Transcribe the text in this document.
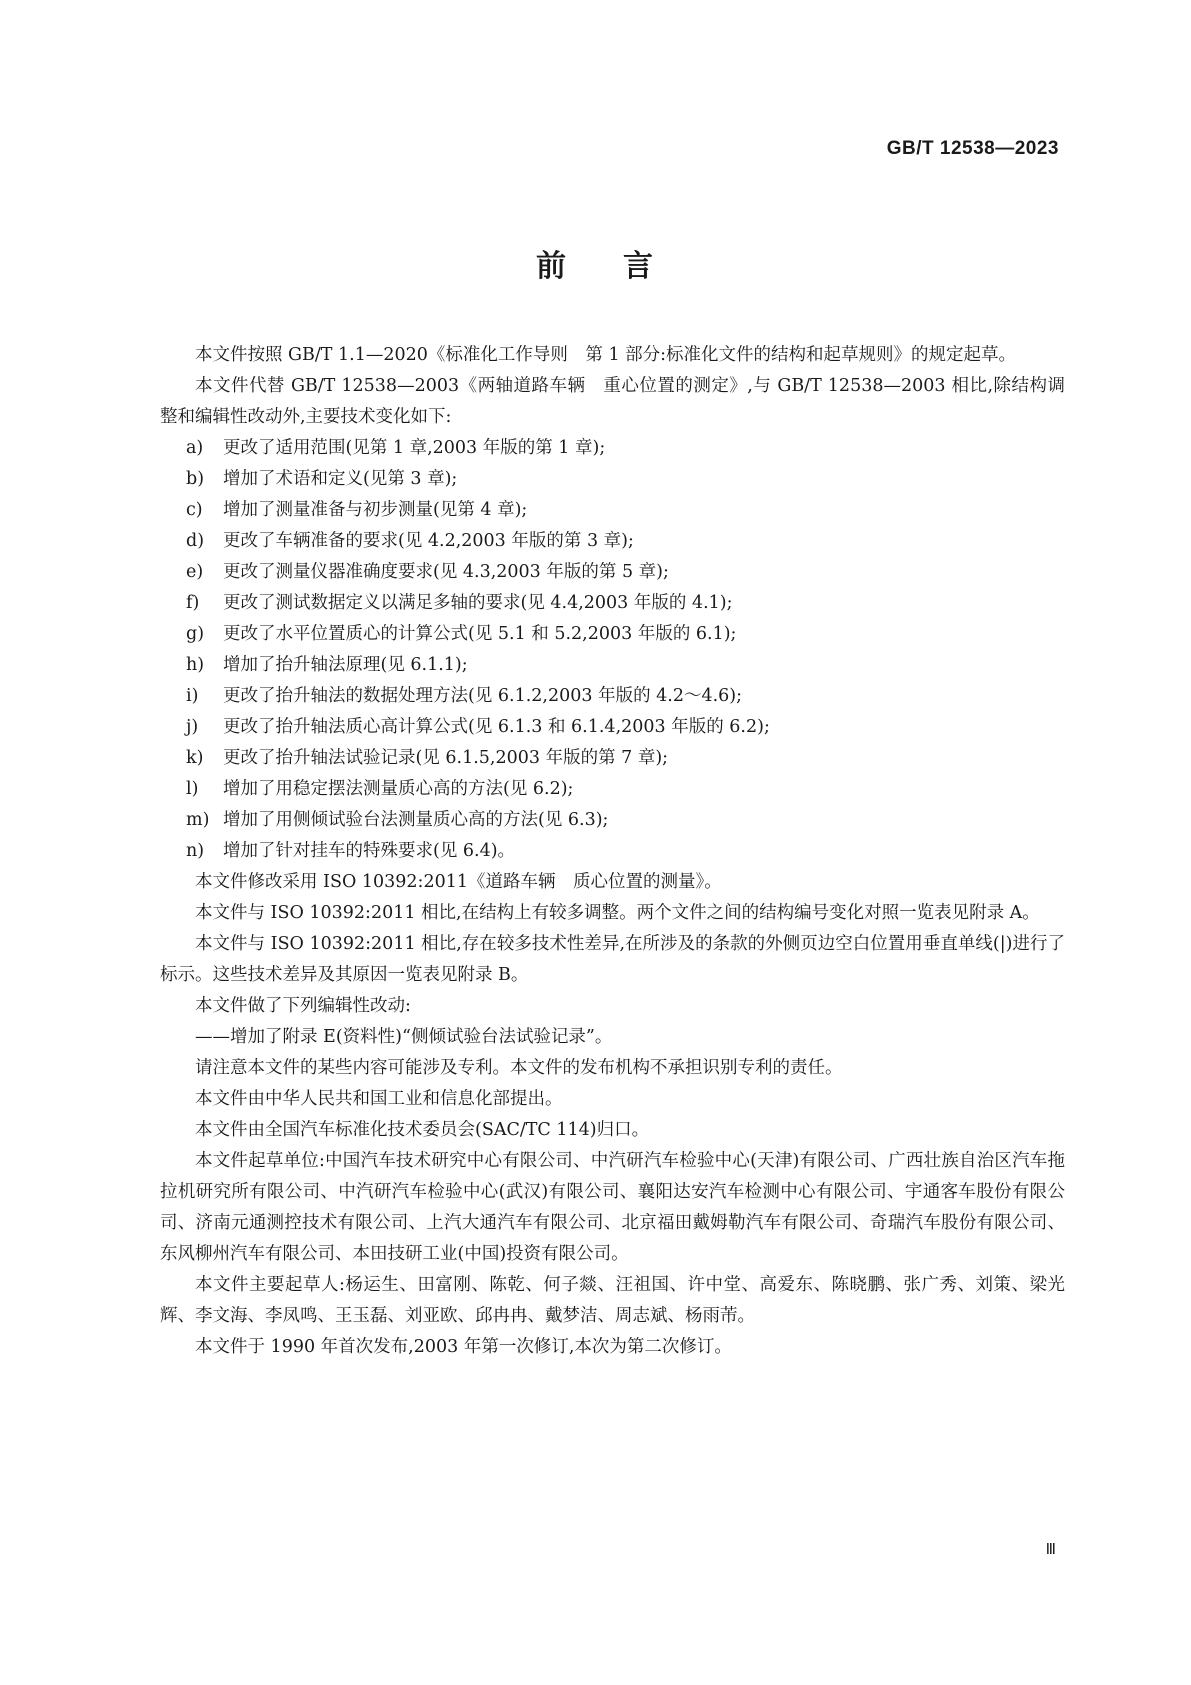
GB/T 12538—2023
前 言

本文件按照 GB/T 1.1—2020《标准化工作导则　第 1 部分:标准化文件的结构和起草规则》的规定起草。

本文件代替 GB/T 12538—2003《两轴道路车辆　重心位置的测定》,与 GB/T 12538—2003 相比,除结构调整和编辑性改动外,主要技术变化如下:

a) 更改了适用范围(见第 1 章,2003 年版的第 1 章);

b) 增加了术语和定义(见第 3 章);

c) 增加了测量准备与初步测量(见第 4 章);

d) 更改了车辆准备的要求(见 4.2,2003 年版的第 3 章);

e) 更改了测量仪器准确度要求(见 4.3,2003 年版的第 5 章);

f) 更改了测试数据定义以满足多轴的要求(见 4.4,2003 年版的 4.1);

g) 更改了水平位置质心的计算公式(见 5.1 和 5.2,2003 年版的 6.1);

h) 增加了抬升轴法原理(见 6.1.1);

i) 更改了抬升轴法的数据处理方法(见 6.1.2,2003 年版的 4.2～4.6);

j) 更改了抬升轴法质心高计算公式(见 6.1.3 和 6.1.4,2003 年版的 6.2);

k) 更改了抬升轴法试验记录(见 6.1.5,2003 年版的第 7 章);

l) 增加了用稳定摆法测量质心高的方法(见 6.2);

m) 增加了用侧倾试验台法测量质心高的方法(见 6.3);

n) 增加了针对挂车的特殊要求(见 6.4)。

本文件修改采用 ISO 10392:2011《道路车辆　质心位置的测量》。

本文件与 ISO 10392:2011 相比,在结构上有较多调整。两个文件之间的结构编号变化对照一览表见附录 A。

本文件与 ISO 10392:2011 相比,存在较多技术性差异,在所涉及的条款的外侧页边空白位置用垂直单线(|)进行了标示。这些技术差异及其原因一览表见附录 B。

本文件做了下列编辑性改动:

——增加了附录 E(资料性)“侧倾试验台法试验记录”。

请注意本文件的某些内容可能涉及专利。本文件的发布机构不承担识别专利的责任。

本文件由中华人民共和国工业和信息化部提出。

本文件由全国汽车标准化技术委员会(SAC/TC 114)归口。

本文件起草单位:中国汽车技术研究中心有限公司、中汽研汽车检验中心(天津)有限公司、广西壮族自治区汽车拖拉机研究所有限公司、中汽研汽车检验中心(武汉)有限公司、襄阳达安汽车检测中心有限公司、宇通客车股份有限公司、济南元通测控技术有限公司、上汽大通汽车有限公司、北京福田戴姆勒汽车有限公司、奇瑞汽车股份有限公司、东风柳州汽车有限公司、本田技研工业(中国)投资有限公司。

本文件主要起草人:杨运生、田富刚、陈乾、何子燚、汪祖国、许中堂、高爱东、陈晓鹏、张广秀、刘策、梁光辉、李文海、李凤鸣、王玉磊、刘亚欧、邱冉冉、戴梦洁、周志斌、杨雨芾。

本文件于 1990 年首次发布,2003 年第一次修订,本次为第二次修订。

Ⅲ
